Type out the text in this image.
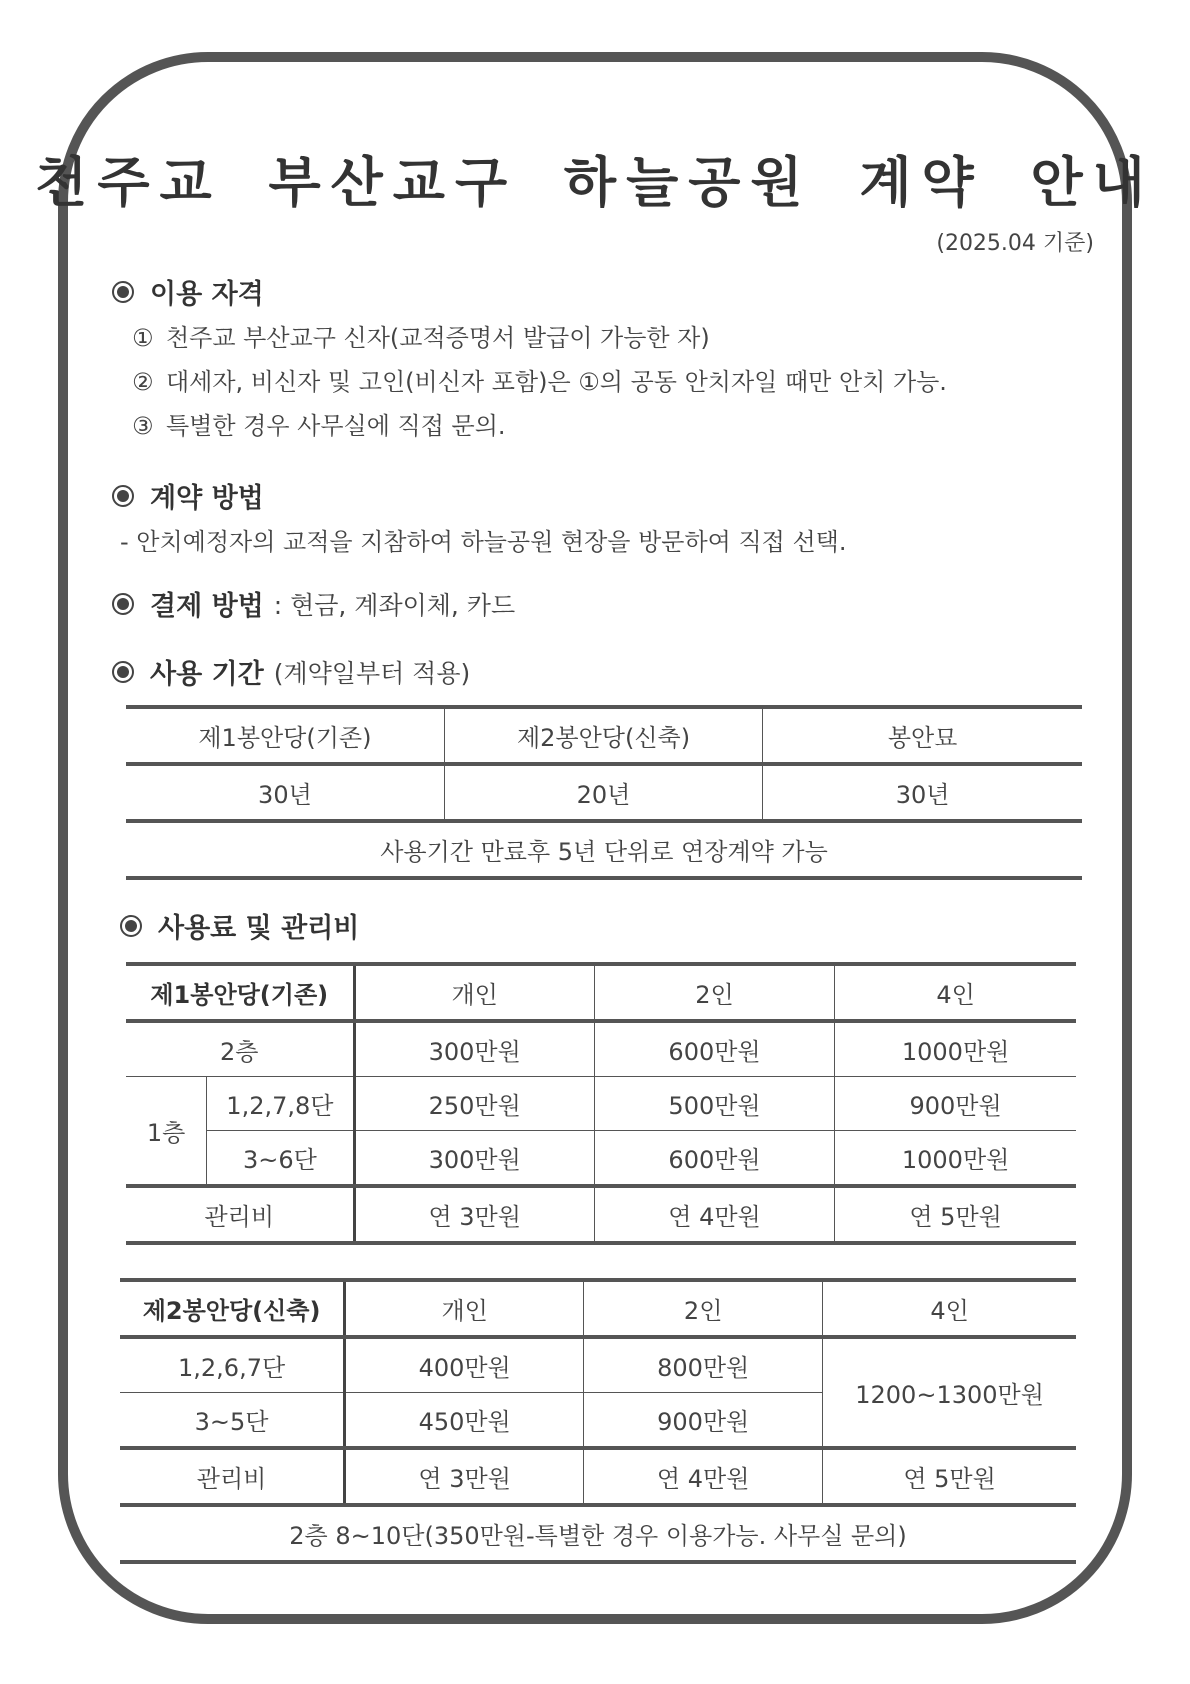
천주교 부산교구 하늘공원 계약 안내
(2025.04 기준)
이용 자격
① 천주교 부산교구 신자(교적증명서 발급이 가능한 자)
② 대세자, 비신자 및 고인(비신자 포함)은 ①의 공동 안치자일 때만 안치 가능.
③ 특별한 경우 사무실에 직접 문의.
계약 방법
- 안치예정자의 교적을 지참하여 하늘공원 현장을 방문하여 직접 선택.
결제 방법 : 현금, 계좌이체, 카드
사용 기간 (계약일부터 적용)
제1봉안당(기존)	제2봉안당(신축)	봉안묘
30년	20년	30년
사용기간 만료후 5년 단위로 연장계약 가능		
사용료 및 관리비
제1봉안당(기존)		개인	2인	4인
2층		300만원	600만원	1000만원
1층	1,2,7,8단	250만원	500만원	900만원
	3~6단	300만원	600만원	1000만원
관리비		연 3만원	연 4만원	연 5만원
제2봉안당(신축)	개인	2인	4인
1,2,6,7단	400만원	800만원	1200~1300만원
3~5단	450만원	900만원	
관리비	연 3만원	연 4만원	연 5만원
2층 8~10단(350만원-특별한 경우 이용가능. 사무실 문의)			
